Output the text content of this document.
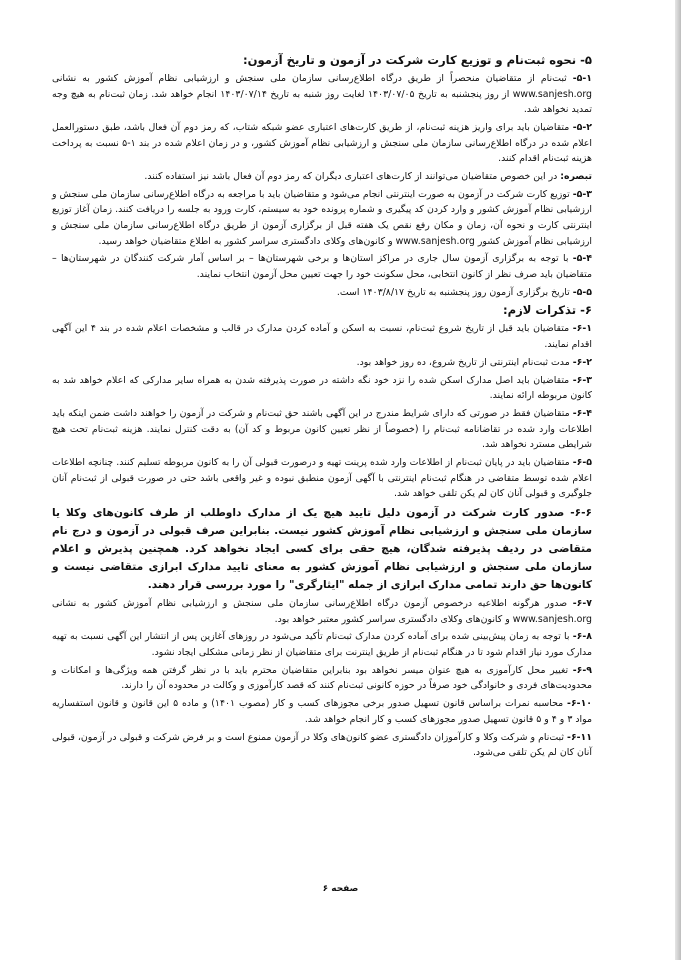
۵- نحوه ثبت‌نام و توزیع کارت شرکت در آزمون و تاریخ آزمون:

۵-۱- ثبت‌نام از متقاضیان منحصراً از طریق درگاه اطلاع‌رسانی سازمان ملی سنجش و ارزشیابی نظام آموزش کشور به نشانی www.sanjesh.org از روز پنجشنبه به تاریخ ۱۴۰۳/۰۷/۰۵ لغایت روز شنبه به تاریخ ۱۴۰۳/۰۷/۱۴ انجام خواهد شد. زمان ثبت‌نام به هیچ وجه تمدید نخواهد شد.

۵-۲- متقاضیان باید برای واریز هزینه ثبت‌نام، از طریق کارت‌های اعتباری عضو شبکه شتاب، که رمز دوم آن فعال باشد، طبق دستورالعمل اعلام شده در درگاه اطلاع‌رسانی سازمان ملی سنجش و ارزشیابی نظام آموزش کشور، و در زمان اعلام شده در بند ۱-۵ نسبت به پرداخت هزینه ثبت‌نام اقدام کنند.

تبصره: در این خصوص متقاضیان می‌توانند از کارت‌های اعتباری دیگران که رمز دوم آن فعال باشد نیز استفاده کنند.

۵-۳- توزیع کارت شرکت در آزمون به صورت اینترنتی انجام می‌شود و متقاضیان باید با مراجعه به درگاه اطلاع‌رسانی سازمان ملی سنجش و ارزشیابی نظام آموزش کشور و وارد کردن کد پیگیری و شماره پرونده خود به سیستم، کارت ورود به جلسه را دریافت کنند. زمان آغاز توزیع اینترنتی کارت و نحوه آن، زمان و مکان رفع نقص یک هفته قبل از برگزاری آزمون از طریق درگاه اطلاع‌رسانی سازمان ملی سنجش و ارزشیابی نظام آموزش کشور www.sanjesh.org و کانون‌های وکلای دادگستری سراسر کشور به اطلاع متقاضیان خواهد رسید.

۵-۴- با توجه به برگزاری آزمون سال جاری در مراکز استان‌ها و برخی شهرستان‌ها – بر اساس آمار شرکت کنندگان در شهرستان‌ها – متقاضیان باید صرف نظر از کانون انتخابی، محل سکونت خود را جهت تعیین محل آزمون انتخاب نمایند.

۵-۵- تاریخ برگزاری آزمون روز پنجشنبه به تاریخ ۱۴۰۳/۸/۱۷ است.

۶- تذکرات لازم:

۶-۱- متقاضیان باید قبل از تاریخ شروع ثبت‌نام، نسبت به اسکن و آماده کردن مدارک در قالب و مشخصات اعلام شده در بند ۴ این آگهی اقدام نمایند.

۶-۲- مدت ثبت‌نام اینترنتی از تاریخ شروع، ده روز خواهد بود.

۶-۳- متقاضیان باید اصل مدارک اسکن شده را نزد خود نگه داشته در صورت پذیرفته شدن به همراه سایر مدارکی که اعلام خواهد شد به کانون مربوطه ارائه نمایند.

۶-۴- متقاضیان فقط در صورتی که دارای شرایط مندرج در این آگهی باشند حق ثبت‌نام و شرکت در آزمون را خواهند داشت ضمن اینکه باید اطلاعات وارد شده در تقاضانامه ثبت‌نام را (خصوصاً از نظر تعیین کانون مربوط و کد آن) به دقت کنترل نمایند. هزینه ثبت‌نام تحت هیچ شرایطی مسترد نخواهد شد.

۶-۵- متقاضیان باید در پایان ثبت‌نام از اطلاعات وارد شده پرینت تهیه و درصورت قبولی آن را به کانون مربوطه تسلیم کنند. چنانچه اطلاعات اعلام شده توسط متقاضی در هنگام ثبت‌نام اینترنتی با آگهی آزمون منطبق نبوده و غیر واقعی باشد حتی در صورت قبولی از ثبت‌نام آنان جلوگیری و قبولی آنان کان لم یکن تلقی خواهد شد.

۶-۶- صدور کارت شرکت در آزمون دلیل تایید هیچ یک از مدارک داوطلب از طرف کانون‌های وکلا یا سازمان ملی سنجش و ارزشیابی نظام آموزش کشور نیست. بنابراین صرف قبولی در آزمون و درج نام متقاضی در ردیف پذیرفته شدگان، هیچ حقی برای کسی ایجاد نخواهد کرد. همچنین پذیرش و اعلام سازمان ملی سنجش و ارزشیابی نظام آموزش کشور به معنای تایید مدارک ابرازی متقاضی نیست و کانون‌ها حق دارند تمامی مدارک ابرازی از جمله "ایثارگری" را مورد بررسی قرار دهند.

۶-۷- صدور هرگونه اطلاعیه درخصوص آزمون درگاه اطلاع‌رسانی سازمان ملی سنجش و ارزشیابی نظام آموزش کشور به نشانی www.sanjesh.org و کانون‌های وکلای دادگستری سراسر کشور معتبر خواهد بود.

۶-۸- با توجه به زمان پیش‌بینی شده برای آماده کردن مدارک ثبت‌نام تأکید می‌شود در روزهای آغازین پس از انتشار این آگهی نسبت به تهیه مدارک مورد نیاز اقدام شود تا در هنگام ثبت‌نام از طریق اینترنت برای متقاضیان از نظر زمانی مشکلی ایجاد نشود.

۶-۹- تغییر محل کارآموزی به هیچ عنوان میسر نخواهد بود بنابراین متقاضیان محترم باید با در نظر گرفتن همه ویژگی‌ها و امکانات و محدودیت‌های فردی و خانوادگی خود صرفاً در حوزه کانونی ثبت‌نام کنند که قصد کارآموزی و وکالت در محدوده آن را دارند.

۶-۱۰- محاسبه نمرات براساس قانون تسهیل صدور برخی مجوزهای کسب و کار (مصوب ۱۴۰۱) و ماده ۵ این قانون و قانون استفساریه مواد ۳ و ۴ و ۵ قانون تسهیل صدور مجوزهای کسب و کار انجام خواهد شد.

۶-۱۱- ثبت‌نام و شرکت وکلا و کارآموزان دادگستری عضو کانون‌های وکلا در آزمون ممنوع است و بر فرض شرکت و قبولی در آزمون، قبولی آنان کان لم یکن تلقی می‌شود.

صفحه ۶
